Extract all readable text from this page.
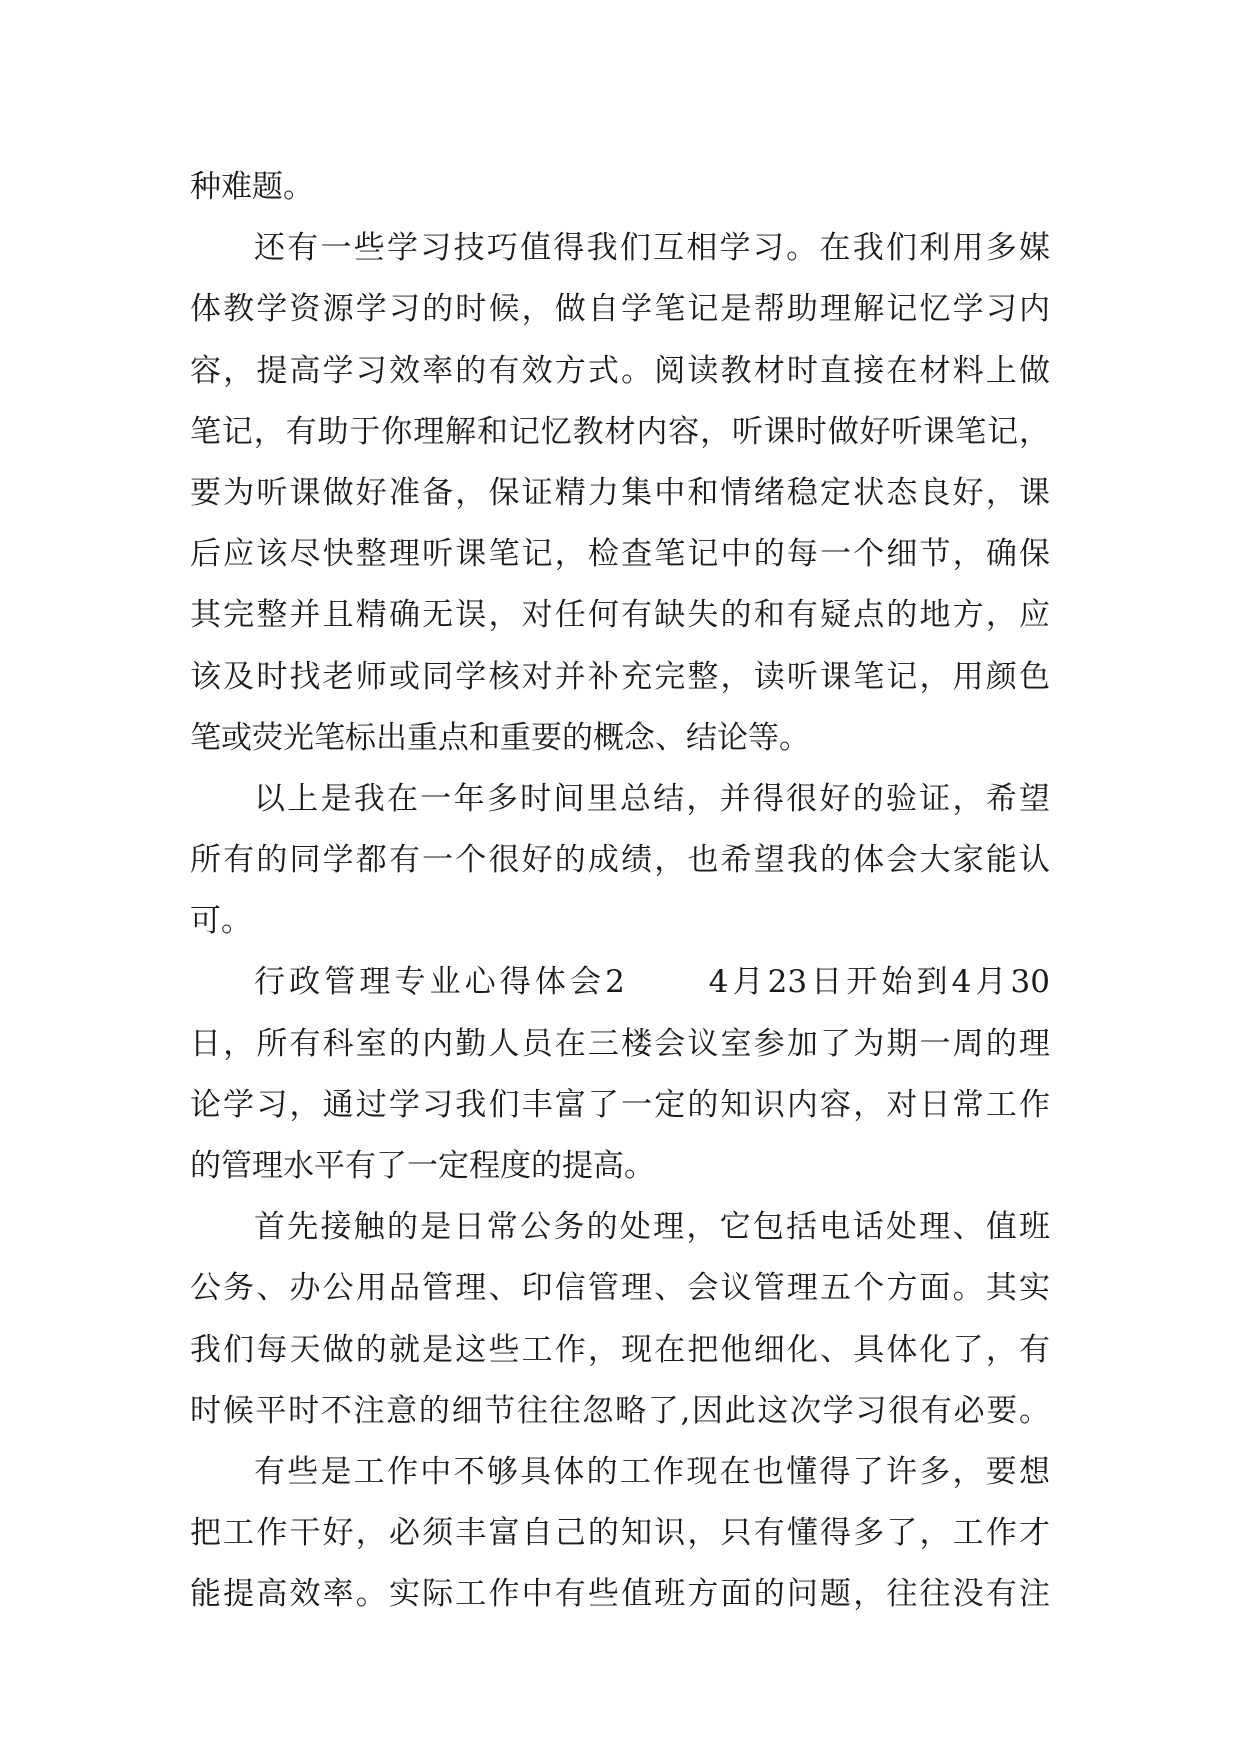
种难题。
还有一些学习技巧值得我们互相学习。在我们利用多媒
体教学资源学习的时候，做自学笔记是帮助理解记忆学习内
容，提高学习效率的有效方式。阅读教材时直接在材料上做
笔记，有助于你理解和记忆教材内容，听课时做好听课笔记，
要为听课做好准备，保证精力集中和情绪稳定状态良好，课
后应该尽快整理听课笔记，检查笔记中的每一个细节，确保
其完整并且精确无误，对任何有缺失的和有疑点的地方，应
该及时找老师或同学核对并补充完整，读听课笔记，用颜色
笔或荧光笔标出重点和重要的概念、结论等。
以上是我在一年多时间里总结，并得很好的验证，希望
所有的同学都有一个很好的成绩，也希望我的体会大家能认
可。
行政管理专业心得体会2      4月23日开始到4月30
日，所有科室的内勤人员在三楼会议室参加了为期一周的理
论学习，通过学习我们丰富了一定的知识内容，对日常工作
的管理水平有了一定程度的提高。
首先接触的是日常公务的处理，它包括电话处理、值班
公务、办公用品管理、印信管理、会议管理五个方面。其实
我们每天做的就是这些工作，现在把他细化、具体化了，有
时候平时不注意的细节往往忽略了,因此这次学习很有必要。
有些是工作中不够具体的工作现在也懂得了许多，要想
把工作干好，必须丰富自己的知识，只有懂得多了，工作才
能提高效率。实际工作中有些值班方面的问题，往往没有注
